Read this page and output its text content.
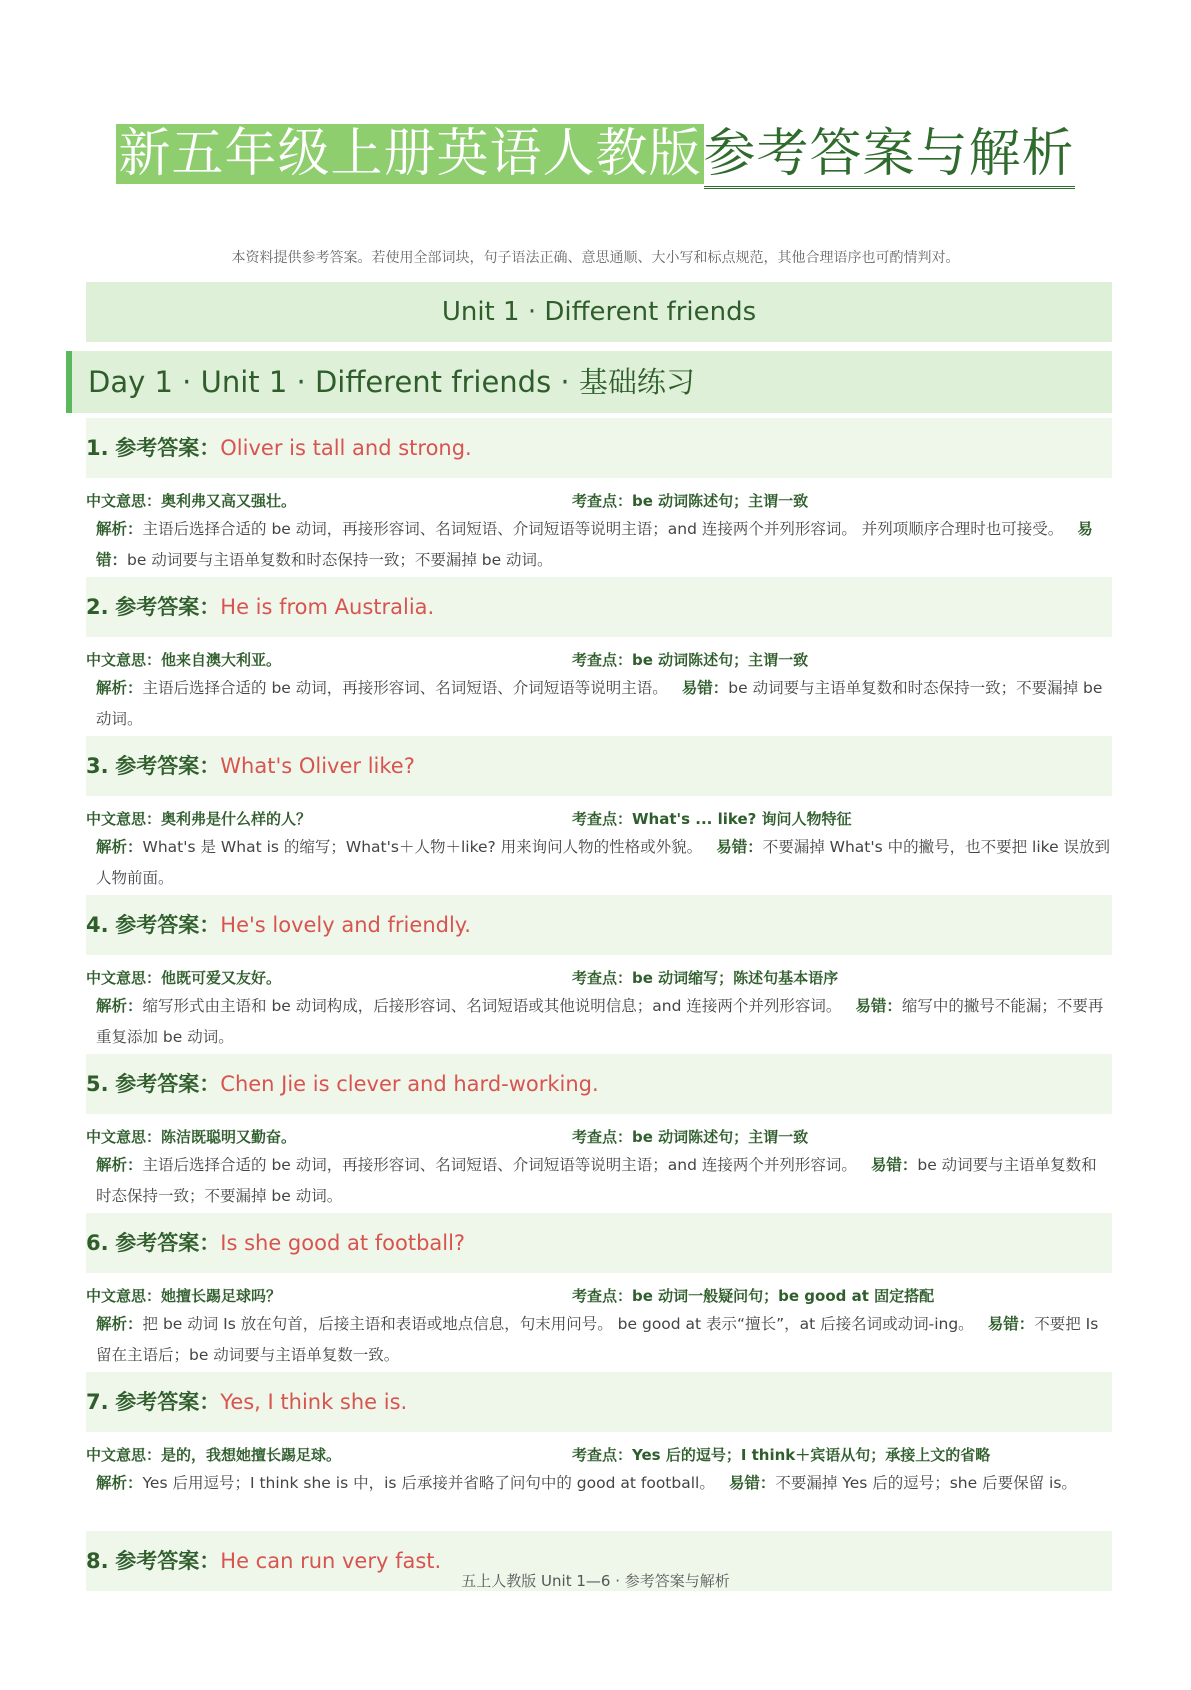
新五年级上册英语人教版参考答案与解析
本资料提供参考答案。若使用全部词块，句子语法正确、意思通顺、大小写和标点规范，其他合理语序也可酌情判对。
Unit 1 · Different friends
Day 1 · Unit 1 · Different friends · 基础练习
1. 参考答案：Oliver is tall and strong.
中文意思：奥利弗又高又强壮。	考查点：be 动词陈述句；主谓一致
解析：主语后选择合适的 be 动词，再接形容词、名词短语、介词短语等说明主语；and 连接两个并列形容词。 并列项顺序合理时也可接受。 易错：be 动词要与主语单复数和时态保持一致；不要漏掉 be 动词。
2. 参考答案：He is from Australia.
中文意思：他来自澳大利亚。	考查点：be 动词陈述句；主谓一致
解析：主语后选择合适的 be 动词，再接形容词、名词短语、介词短语等说明主语。 易错：be 动词要与主语单复数和时态保持一致；不要漏掉 be 动词。
3. 参考答案：What's Oliver like?
中文意思：奥利弗是什么样的人？	考查点：What's ... like? 询问人物特征
解析：What's 是 What is 的缩写；What's＋人物＋like? 用来询问人物的性格或外貌。 易错：不要漏掉 What's 中的撇号，也不要把 like 误放到人物前面。
4. 参考答案：He's lovely and friendly.
中文意思：他既可爱又友好。	考查点：be 动词缩写；陈述句基本语序
解析：缩写形式由主语和 be 动词构成，后接形容词、名词短语或其他说明信息；and 连接两个并列形容词。 易错：缩写中的撇号不能漏；不要再重复添加 be 动词。
5. 参考答案：Chen Jie is clever and hard-working.
中文意思：陈洁既聪明又勤奋。	考查点：be 动词陈述句；主谓一致
解析：主语后选择合适的 be 动词，再接形容词、名词短语、介词短语等说明主语；and 连接两个并列形容词。 易错：be 动词要与主语单复数和时态保持一致；不要漏掉 be 动词。
6. 参考答案：Is she good at football?
中文意思：她擅长踢足球吗？	考查点：be 动词一般疑问句；be good at 固定搭配
解析：把 be 动词 Is 放在句首，后接主语和表语或地点信息，句末用问号。 be good at 表示“擅长”，at 后接名词或动词-ing。 易错：不要把 Is 留在主语后；be 动词要与主语单复数一致。
7. 参考答案：Yes, I think she is.
中文意思：是的，我想她擅长踢足球。	考查点：Yes 后的逗号；I think＋宾语从句；承接上文的省略
解析：Yes 后用逗号；I think she is 中，is 后承接并省略了问句中的 good at football。 易错：不要漏掉 Yes 后的逗号；she 后要保留 is。
8. 参考答案：He can run very fast.
五上人教版 Unit 1—6 · 参考答案与解析
